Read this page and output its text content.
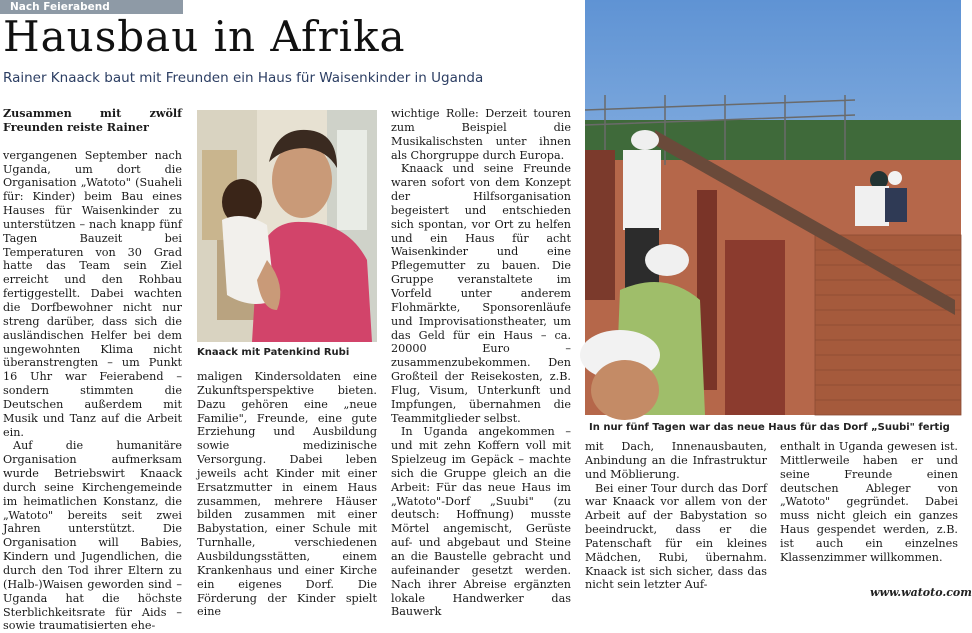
Nach Feierabend
Hausbau in Afrika
Rainer Knaack baut mit Freunden ein Haus für Waisenkinder in Uganda

Zusammen mit zwölf Freunden reiste Rainer

vergangenen September nach Uganda, um dort die Organisation „Watoto" (Suaheli für: Kinder) beim Bau eines Hauses für Waisenkinder zu unterstützen – nach knapp fünf Tagen Bauzeit bei Temperaturen von 30 Grad hatte das Team sein Ziel erreicht und den Rohbau fertiggestellt. Dabei wachten die Dorfbewohner nicht nur streng darüber, dass sich die ausländischen Helfer bei dem ungewohnten Klima nicht überanstrengten – um Punkt 16 Uhr war Feierabend – sondern stimmten die Deutschen außerdem mit Musik und Tanz auf die Arbeit ein.

Auf die humanitäre Organisation aufmerksam wurde Betriebswirt Knaack durch seine Kirchengemeinde im heimatlichen Konstanz, die „Watoto" bereits seit zwei Jahren unterstützt. Die Organisation will Babies, Kindern und Jugendlichen, die durch den Tod ihrer Eltern zu (Halb-)Waisen geworden sind – Uganda hat die höchste Sterblichkeitsrate für Aids – sowie traumatisierten ehe-

Knaack mit Patenkind Rubi

maligen Kindersoldaten eine Zukunftsperspektive bieten. Dazu gehören eine „neue Familie", Freunde, eine gute Erziehung und Ausbildung sowie medizinische Versorgung. Dabei leben jeweils acht Kinder mit einer Ersatzmutter in einem Haus zusammen, mehrere Häuser bilden zusammen mit einer Babystation, einer Schule mit Turnhalle, verschiedenen Ausbildungsstätten, einem Krankenhaus und einer Kirche ein eigenes Dorf. Die Förderung der Kinder spielt eine

wichtige Rolle: Derzeit touren zum Beispiel die Musikalischsten unter ihnen als Chorgruppe durch Europa.

Knaack und seine Freunde waren sofort von dem Konzept der Hilfsorganisation begeistert und entschieden sich spontan, vor Ort zu helfen und ein Haus für acht Waisenkinder und eine Pflegemutter zu bauen. Die Gruppe veranstaltete im Vorfeld unter anderem Flohmärkte, Sponsorenläufe und Improvisationstheater, um das Geld für ein Haus – ca. 20000 Euro – zusammenzubekommen. Den Großteil der Reisekosten, z.B. Flug, Visum, Unterkunft und Impfungen, übernahmen die Teammitglieder selbst.

In Uganda angekommen – und mit zehn Koffern voll mit Spielzeug im Gepäck – machte sich die Gruppe gleich an die Arbeit: Für das neue Haus im „Watoto"-Dorf „Suubi" (zu deutsch: Hoffnung) musste Mörtel angemischt, Gerüste auf- und abgebaut und Steine an die Baustelle gebracht und aufeinander gesetzt werden. Nach ihrer Abreise ergänzten lokale Handwerker das Bauwerk

In nur fünf Tagen war das neue Haus für das Dorf „Suubi" fertig

mit Dach, Innenausbauten, Anbindung an die Infrastruktur und Möblierung.

Bei einer Tour durch das Dorf war Knaack vor allem von der Arbeit auf der Babystation so beeindruckt, dass er die Patenschaft für ein kleines Mädchen, Rubi, übernahm. Knaack ist sich sicher, dass das nicht sein letzter Auf-

enthalt in Uganda gewesen ist. Mittlerweile haben er und seine Freunde einen deutschen Ableger von „Watoto" gegründet. Dabei muss nicht gleich ein ganzes Haus gespendet werden, z.B. ist auch ein einzelnes Klassenzimmer willkommen.

www.watoto.com
